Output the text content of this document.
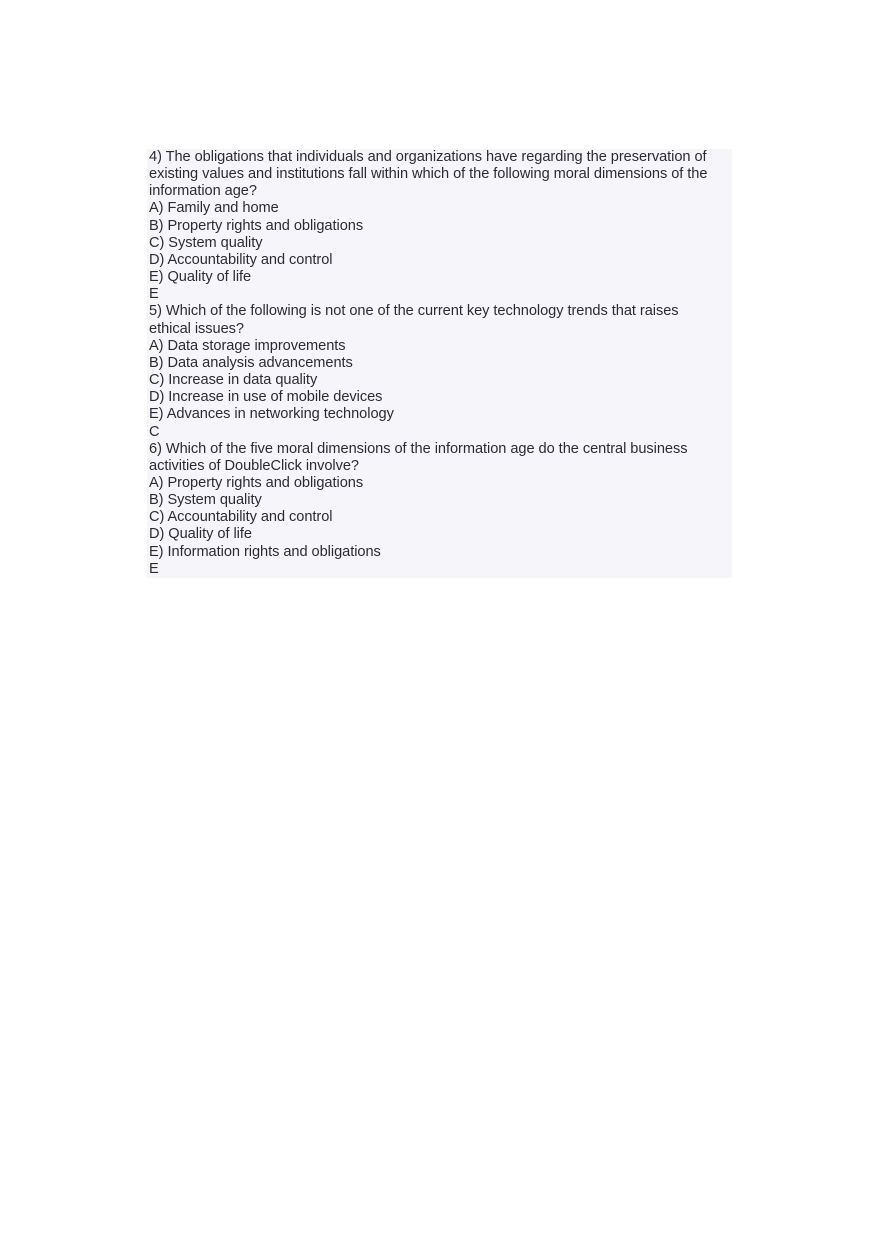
4) The obligations that individuals and organizations have regarding the preservation of
existing values and institutions fall within which of the following moral dimensions of the
information age?
A) Family and home
B) Property rights and obligations
C) System quality
D) Accountability and control
E) Quality of life
E
5) Which of the following is not one of the current key technology trends that raises
ethical issues?
A) Data storage improvements
B) Data analysis advancements
C) Increase in data quality
D) Increase in use of mobile devices
E) Advances in networking technology
C
6) Which of the five moral dimensions of the information age do the central business
activities of DoubleClick involve?
A) Property rights and obligations
B) System quality
C) Accountability and control
D) Quality of life
E) Information rights and obligations
E
